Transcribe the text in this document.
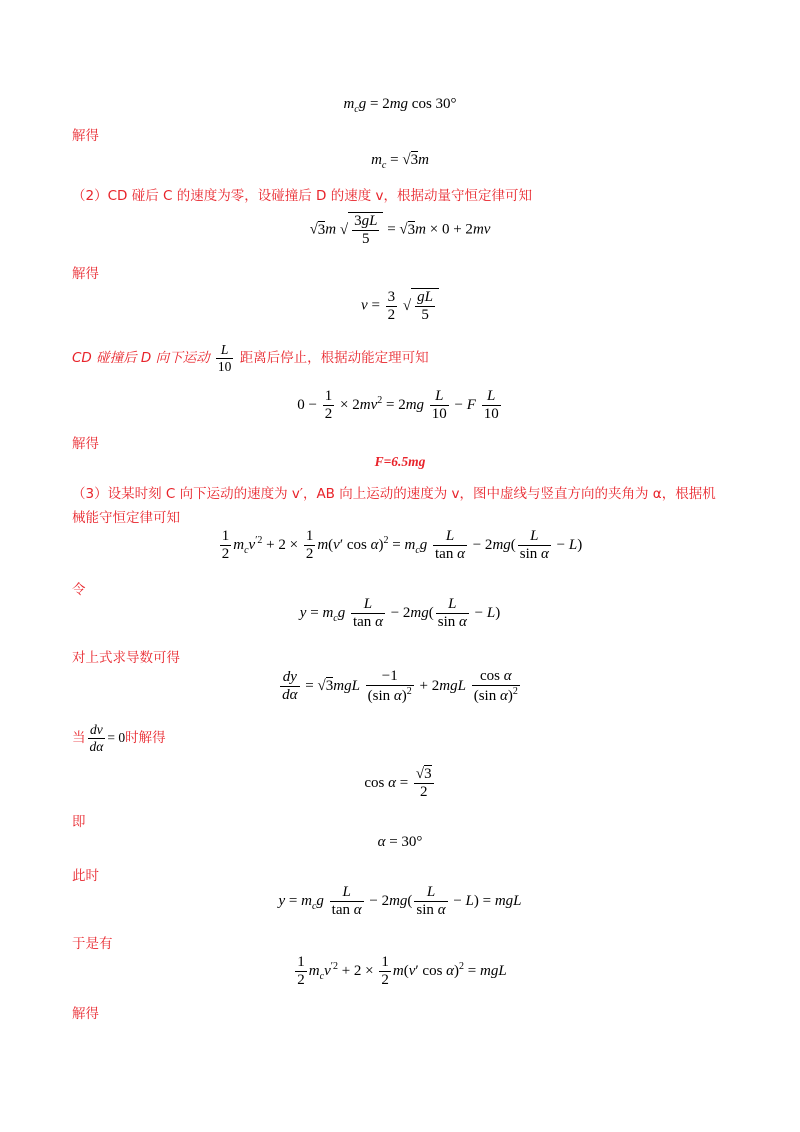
$m_cg = 2mg$ cos 30°
解得
$m_c = √3m$
（2）CD 碰后 C 的速度为零，设碰撞后 D 的速度 v，根据动量守恒定律可知
√3m √ $\frac{3gL}{5} = √3m \times 0 + 2mv$
解得
$v = \frac{3}{2}$ √ $\frac{gL}{5}$
CD 碰撞后 D 向下运动 $\frac{L}{10}$ 距离后停止，根据动能定理可知
$0 - \frac{1}{2} \times 2mv^2 = 2mg \frac{L}{10} - F \frac{L}{10}$
解得
F=6.5mg
（3）设某时刻 C 向下运动的速度为 v′，AB 向上运动的速度为 v，图中虚线与竖直方向的夹角为 α，根据机
械能守恒定律可知
$\frac{1}{2} m_cv^{'2} + 2 \times \frac{1}{2} m(v'$ $\cos \alpha)^2 = m_cg \frac{L}{\text{tan α}} - 2mg( \frac{L}{\text{sin α}} - L)$
令
$y = m_cg \frac{L}{\text{tan α}} - 2mg( \frac{L}{\text{sin α}} - L)$
对上式求导数可得
$\frac{dy}{d\alpha} = √3mgL \frac{-1}{(\sin \alpha)^2} + 2mgL \frac{\text{cos α}}{(\sin \alpha)^2}$
当 $\frac{dv}{d\alpha} = 0$时解得
$\cos \alpha = \frac{√3}{2}$
即
α = 30°
此时
$y = m_cg \frac{L}{\text{tan α}} - 2mg( \frac{L}{\text{sin α}} - L)$ = mgL
于是有
$\frac{1}{2} m_cv^{'2} + 2 \times \frac{1}{2} m(v'$ cos α)$^2$ = mgL
解得
